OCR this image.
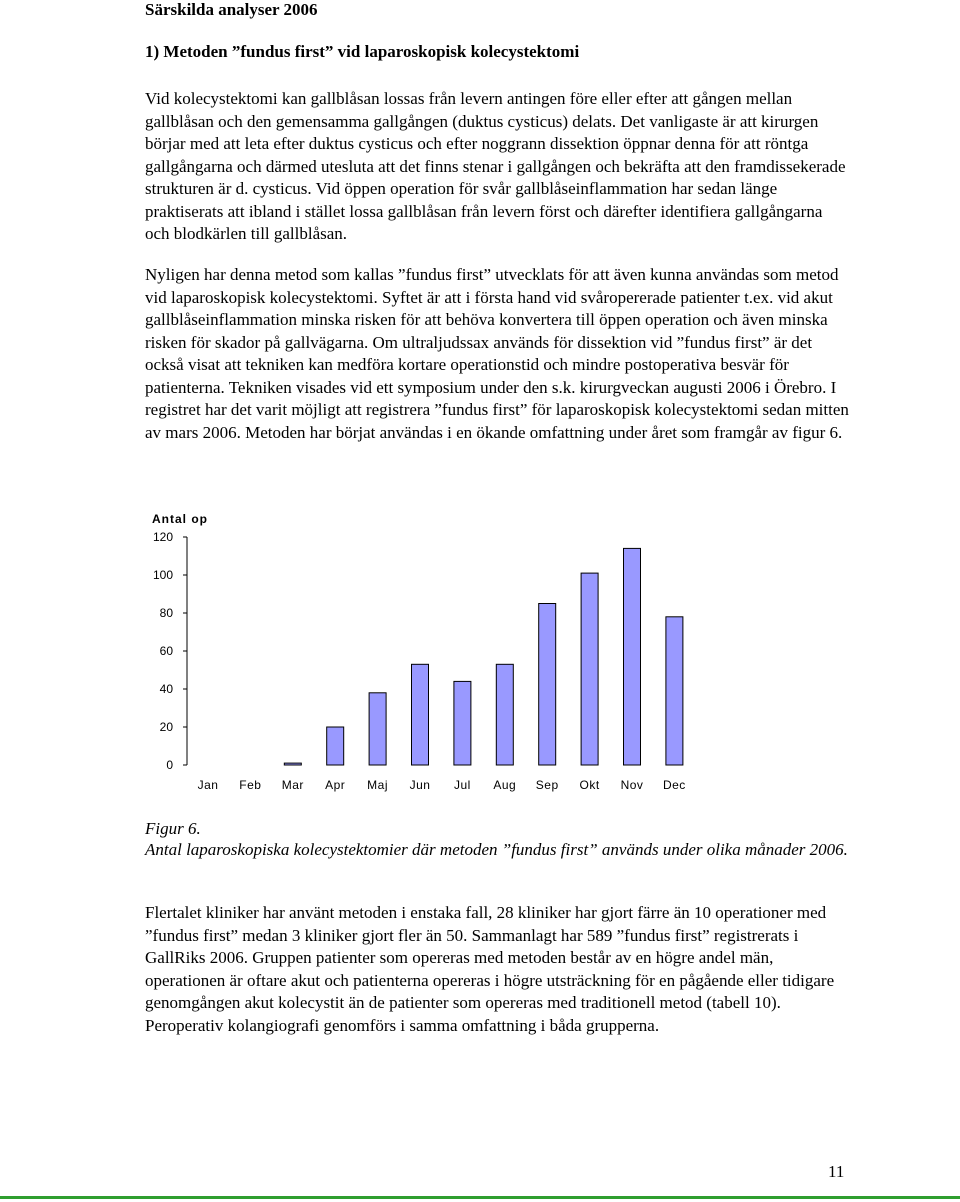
Särskilda analyser 2006
1) Metoden ”fundus first” vid laparoskopisk kolecystektomi

Vid kolecystektomi kan gallblåsan lossas från levern antingen före eller efter att gången mellan gallblåsan och den gemensamma gallgången (duktus cysticus) delats. Det vanligaste är att kirurgen börjar med att leta efter duktus cysticus och efter noggrann dissektion öppnar denna för att röntga gallgångarna och därmed utesluta att det finns stenar i gallgången och bekräfta att den framdissekerade strukturen är d. cysticus. Vid öppen operation för svår gallblåseinflammation har sedan länge praktiserats att ibland i stället lossa gallblåsan från levern först och därefter identifiera gallgångarna och blodkärlen till gallblåsan.

Nyligen har denna metod som kallas ”fundus first” utvecklats för att även kunna användas som metod vid laparoskopisk kolecystektomi. Syftet är att i första hand vid svåropererade patienter t.ex. vid akut gallblåseinflammation minska risken för att behöva konvertera till öppen operation och även minska risken för skador på gallvägarna. Om ultraljudssax används för dissektion vid ”fundus first” är det också visat att tekniken kan medföra kortare operationstid och mindre postoperativa besvär för patienterna. Tekniken visades vid ett symposium under den s.k. kirurgveckan augusti 2006 i Örebro. I registret har det varit möjligt att registrera ”fundus first” för laparoskopisk kolecystektomi sedan mitten av mars 2006. Metoden har börjat användas i en ökande omfattning under året som framgår av figur 6.

Antal op
0
20
40
60
80
100
120
Jan Feb Mar Apr Maj Jun Jul Aug Sep Okt Nov Dec
Figur 6.

Antal laparoskopiska kolecystektomier där metoden ”fundus first” används under olika månader 2006.

Flertalet kliniker har använt metoden i enstaka fall, 28 kliniker har gjort färre än 10 operationer med ”fundus first” medan 3 kliniker gjort fler än 50. Sammanlagt har 589 ”fundus first” registrerats i GallRiks 2006. Gruppen patienter som opereras med metoden består av en högre andel män, operationen är oftare akut och patienterna opereras i högre utsträckning för en pågående eller tidigare genomgången akut kolecystit än de patienter som opereras med traditionell metod (tabell 10). Peroperativ kolangiografi genomförs i samma omfattning i båda grupperna.

11
